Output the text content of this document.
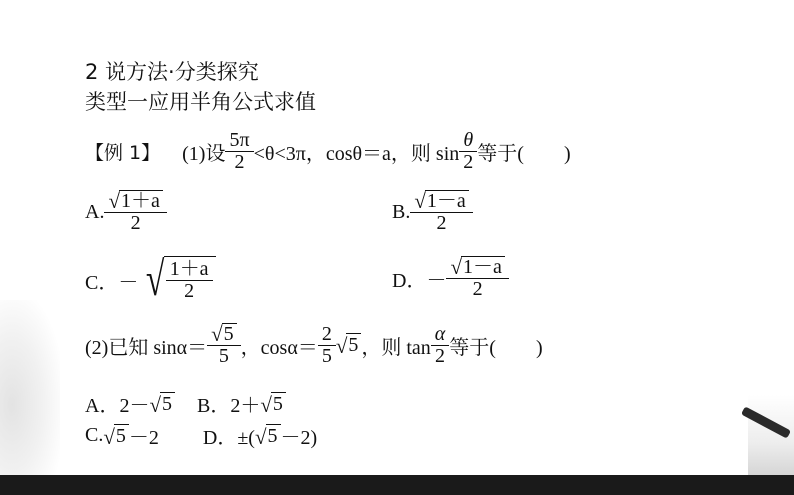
2 说方法·分类探究
类型一应用半角公式求值
【例 1】 (1)设 $\frac{5\pi}{2} <\theta<3\pi$，cosθ＝a，则 $\sin \frac{\theta}{2}$ 等于(　　)
A. $\frac{√ 1+a}{2}$	B. $\frac{√ 1-a}{2}$
C．－ √ $\frac{1+a}{2}$	D．－ $\frac{√ 1-a}{2}$
(2)已知 $\sin\alpha= \frac{√ 5}{5}$ ，$\cos\alpha= \frac{2}{5}$ √ 5 ，则 $\tan \frac{\alpha}{2}$ 等于(　　)
A．2－ √ 5 B．2＋ √ 5
C. √ 5 －2 D．±( √ 5 －2)
